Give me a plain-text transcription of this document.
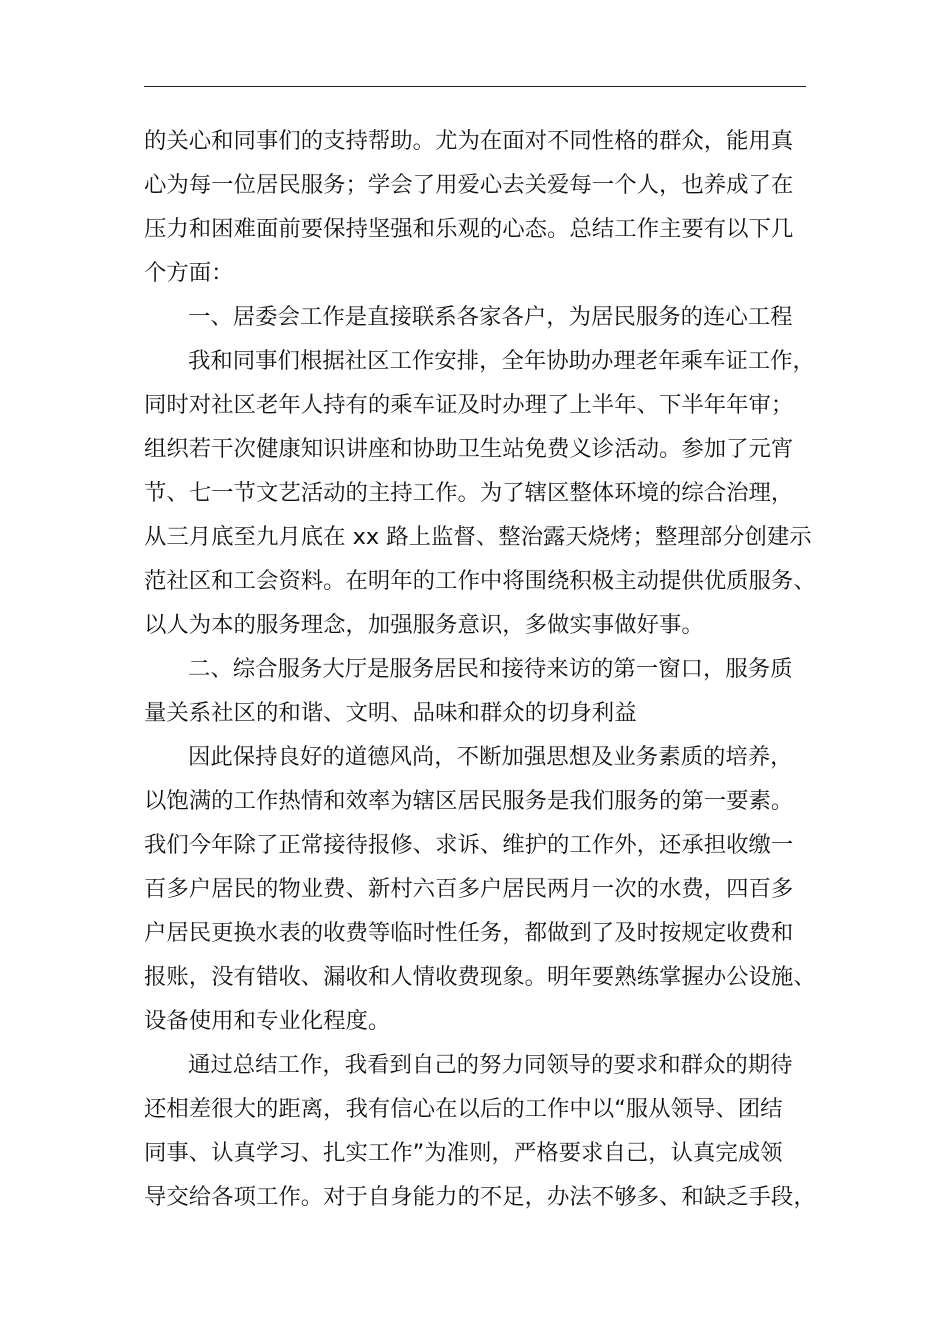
的关心和同事们的支持帮助。尤为在面对不同性格的群众，能用真
心为每一位居民服务；学会了用爱心去关爱每一个人，也养成了在
压力和困难面前要保持坚强和乐观的心态。总结工作主要有以下几
个方面：
一、居委会工作是直接联系各家各户，为居民服务的连心工程
我和同事们根据社区工作安排，全年协助办理老年乘车证工作，
同时对社区老年人持有的乘车证及时办理了上半年、下半年年审；
组织若干次健康知识讲座和协助卫生站免费义诊活动。参加了元宵
节、七一节文艺活动的主持工作。为了辖区整体环境的综合治理，
从三月底至九月底在 xx 路上监督、整治露天烧烤；整理部分创建示
范社区和工会资料。在明年的工作中将围绕积极主动提供优质服务、
以人为本的服务理念，加强服务意识，多做实事做好事。
二、综合服务大厅是服务居民和接待来访的第一窗口，服务质
量关系社区的和谐、文明、品味和群众的切身利益
因此保持良好的道德风尚，不断加强思想及业务素质的培养，
以饱满的工作热情和效率为辖区居民服务是我们服务的第一要素。
我们今年除了正常接待报修、求诉、维护的工作外，还承担收缴一
百多户居民的物业费、新村六百多户居民两月一次的水费，四百多
户居民更换水表的收费等临时性任务，都做到了及时按规定收费和
报账，没有错收、漏收和人情收费现象。明年要熟练掌握办公设施、
设备使用和专业化程度。
通过总结工作，我看到自己的努力同领导的要求和群众的期待
还相差很大的距离，我有信心在以后的工作中以“服从领导、团结
同事、认真学习、扎实工作”为准则，严格要求自己，认真完成领
导交给各项工作。对于自身能力的不足，办法不够多、和缺乏手段，
